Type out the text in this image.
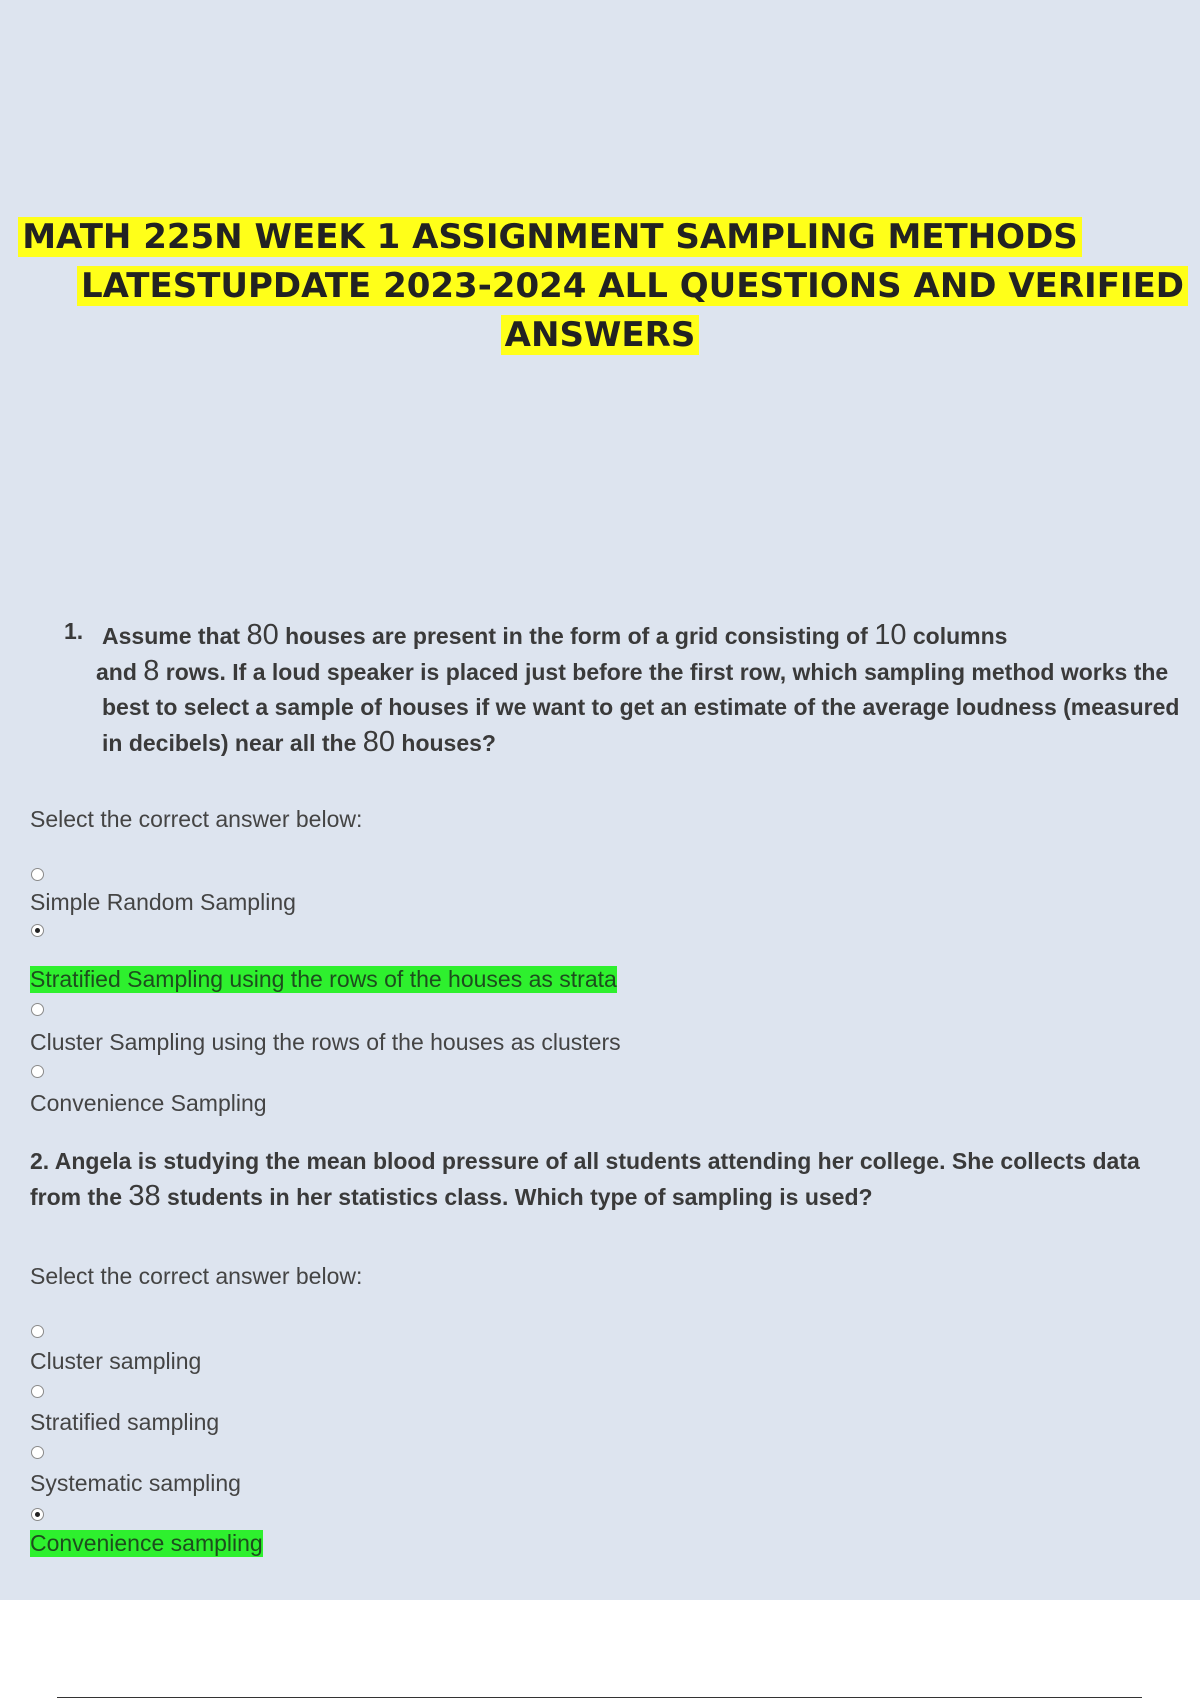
MATH 225N WEEK 1 ASSIGNMENT SAMPLING METHODS
LATESTUPDATE 2023-2024 ALL QUESTIONS AND VERIFIED
ANSWERS
1. Assume that 80 houses are present in the form of a grid consisting of 10 columns
and 8 rows. If a loud speaker is placed just before the first row, which sampling method works the best to select a sample of houses if we want to get an estimate of the average loudness (measured in decibels) near all the 80 houses?
Select the correct answer below:
Simple Random Sampling
Stratified Sampling using the rows of the houses as strata
Cluster Sampling using the rows of the houses as clusters
Convenience Sampling
2. Angela is studying the mean blood pressure of all students attending her college. She collects data from the 38 students in her statistics class. Which type of sampling is used?
Select the correct answer below:
Cluster sampling
Stratified sampling
Systematic sampling
Convenience sampling
